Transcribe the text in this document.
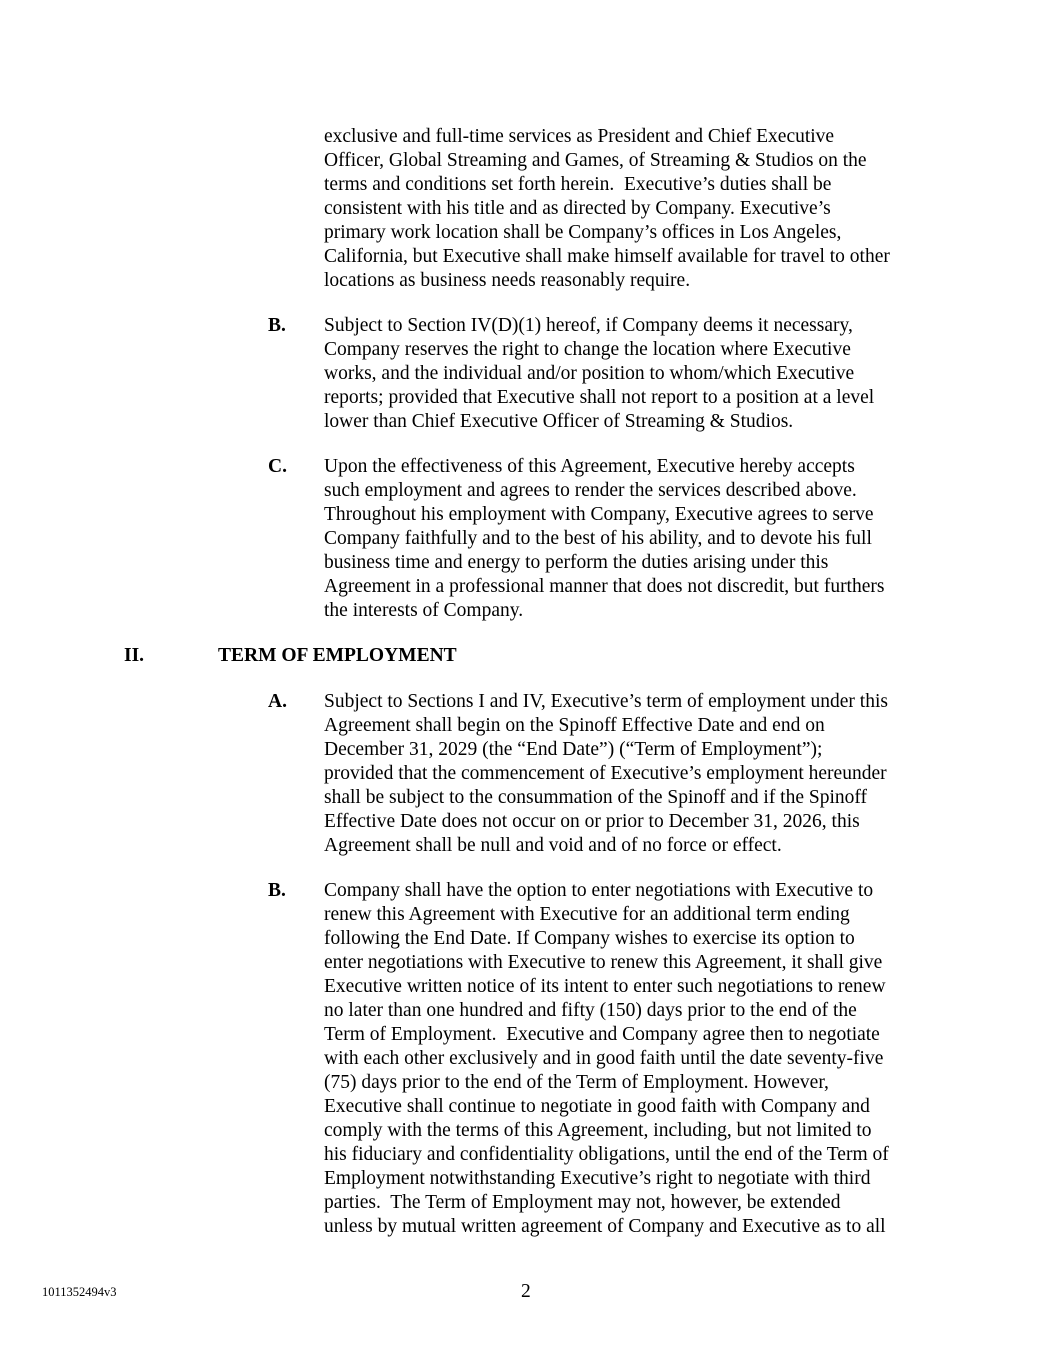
exclusive and full-time services as President and Chief Executive
Officer, Global Streaming and Games, of Streaming & Studios on the
terms and conditions set forth herein.  Executive’s duties shall be
consistent with his title and as directed by Company. Executive’s
primary work location shall be Company’s offices in Los Angeles,
California, but Executive shall make himself available for travel to other
locations as business needs reasonably require.
B. Subject to Section IV(D)(1) hereof, if Company deems it necessary,
Company reserves the right to change the location where Executive
works, and the individual and/or position to whom/which Executive
reports; provided that Executive shall not report to a position at a level
lower than Chief Executive Officer of Streaming & Studios.
C. Upon the effectiveness of this Agreement, Executive hereby accepts
such employment and agrees to render the services described above.
Throughout his employment with Company, Executive agrees to serve
Company faithfully and to the best of his ability, and to devote his full
business time and energy to perform the duties arising under this
Agreement in a professional manner that does not discredit, but furthers
the interests of Company.
II.	TERM OF EMPLOYMENT
A. Subject to Sections I and IV, Executive’s term of employment under this
Agreement shall begin on the Spinoff Effective Date and end on
December 31, 2029 (the “End Date”) (“Term of Employment”);
provided that the commencement of Executive’s employment hereunder
shall be subject to the consummation of the Spinoff and if the Spinoff
Effective Date does not occur on or prior to December 31, 2026, this
Agreement shall be null and void and of no force or effect.
B. Company shall have the option to enter negotiations with Executive to
renew this Agreement with Executive for an additional term ending
following the End Date. If Company wishes to exercise its option to
enter negotiations with Executive to renew this Agreement, it shall give
Executive written notice of its intent to enter such negotiations to renew
no later than one hundred and fifty (150) days prior to the end of the
Term of Employment.  Executive and Company agree then to negotiate
with each other exclusively and in good faith until the date seventy-five
(75) days prior to the end of the Term of Employment. However,
Executive shall continue to negotiate in good faith with Company and
comply with the terms of this Agreement, including, but not limited to
his fiduciary and confidentiality obligations, until the end of the Term of
Employment notwithstanding Executive’s right to negotiate with third
parties.  The Term of Employment may not, however, be extended
unless by mutual written agreement of Company and Executive as to all
1011352494v3	2
